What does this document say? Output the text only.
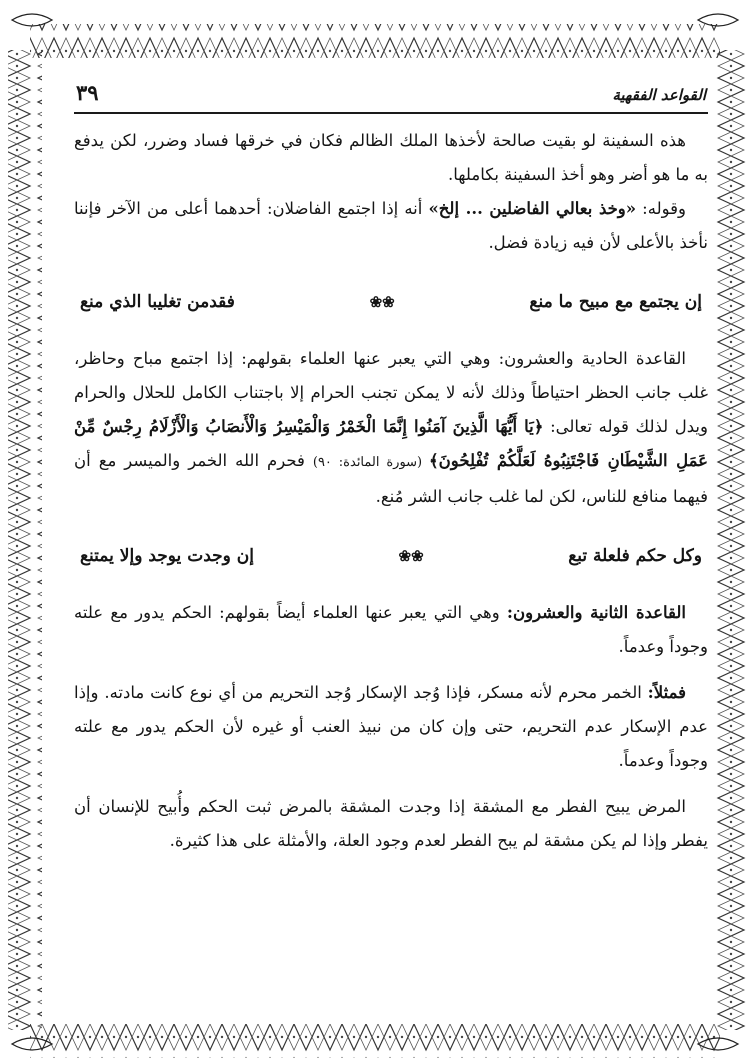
القواعد الفقهية
٣٩

هذه السفينة لو بقيت صالحة لأخذها الملك الظالم فكان في خرقها فساد وضرر، لكن يدفع به ما هو أضر وهو أخذ السفينة بكاملها.

وقوله: «وخذ بعالي الفاضلين ... إلخ» أنه إذا اجتمع الفاضلان: أحدهما أعلى من الآخر فإننا نأخذ بالأعلى لأن فيه زيادة فضل.

إن يجتمع مع مبيح ما منع
❀❀
فقدمن تغليبا الذي منع

القاعدة الحادية والعشرون: وهي التي يعبر عنها العلماء بقولهم: إذا اجتمع مباح وحاظر، غلب جانب الحظر احتياطاً وذلك لأنه لا يمكن تجنب الحرام إلا باجتناب الكامل للحلال والحرام ويدل لذلك قوله تعالى: ﴿يَا أَيُّهَا الَّذِينَ آمَنُوا إِنَّمَا الْخَمْرُ وَالْمَيْسِرُ وَالْأَنصَابُ وَالْأَزْلَامُ رِجْسٌ مِّنْ عَمَلِ الشَّيْطَانِ فَاجْتَنِبُوهُ لَعَلَّكُمْ تُفْلِحُونَ﴾ (سورة المائدة: ٩٠) فحرم الله الخمر والميسر مع أن فيهما منافع للناس، لكن لما غلب جانب الشر مُنع.

وكل حكم فلعلة تبع
❀❀
إن وجدت يوجد وإلا يمتنع

القاعدة الثانية والعشرون: وهي التي يعبر عنها العلماء أيضاً بقولهم: الحكم يدور مع علته وجوداً وعدماً.

فمثلاً: الخمر محرم لأنه مسكر، فإذا وُجد الإسكار وُجد التحريم من أي نوع كانت مادته. وإذا عدم الإسكار عدم التحريم، حتى وإن كان من نبيذ العنب أو غيره لأن الحكم يدور مع علته وجوداً وعدماً.

المرض يبيح الفطر مع المشقة إذا وجدت المشقة بالمرض ثبت الحكم وأُبيح للإنسان أن يفطر وإذا لم يكن مشقة لم يبح الفطر لعدم وجود العلة، والأمثلة على هذا كثيرة.
